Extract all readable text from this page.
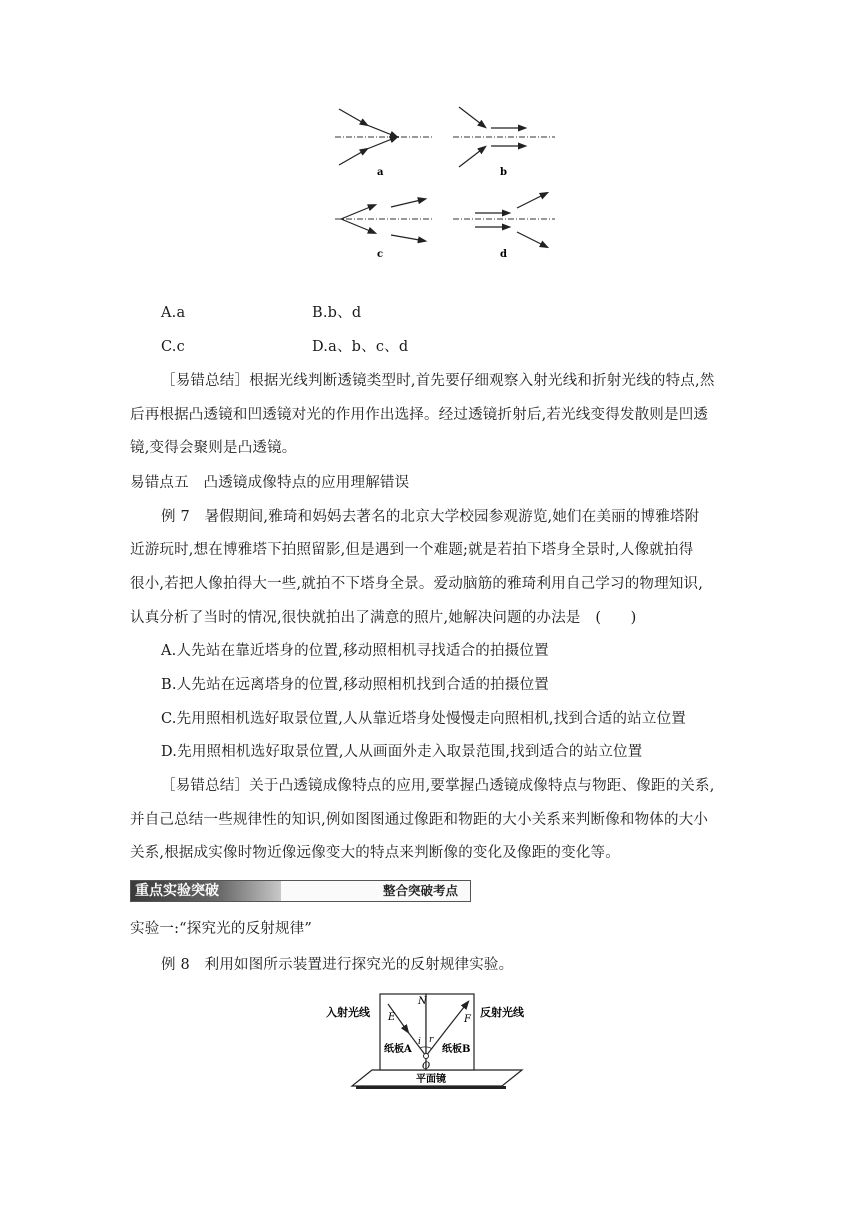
a	b
c	d
A.a	B.b、d
C.c	D.a、b、c、d
［易错总结］根据光线判断透镜类型时,首先要仔细观察入射光线和折射光线的特点,然
后再根据凸透镜和凹透镜对光的作用作出选择。经过透镜折射后,若光线变得发散则是凹透
镜,变得会聚则是凸透镜。
易错点五　凸透镜成像特点的应用理解错误
例 7　暑假期间,雅琦和妈妈去著名的北京大学校园参观游览,她们在美丽的博雅塔附
近游玩时,想在博雅塔下拍照留影,但是遇到一个难题;就是若拍下塔身全景时,人像就拍得
很小,若把人像拍得大一些,就拍不下塔身全景。爱动脑筋的雅琦利用自己学习的物理知识,
认真分析了当时的情况,很快就拍出了满意的照片,她解决问题的办法是　(　　)
A.人先站在靠近塔身的位置,移动照相机寻找适合的拍摄位置
B.人先站在远离塔身的位置,移动照相机找到合适的拍摄位置
C.先用照相机选好取景位置,人从靠近塔身处慢慢走向照相机,找到合适的站立位置
D.先用照相机选好取景位置,人从画面外走入取景范围,找到适合的站立位置
［易错总结］关于凸透镜成像特点的应用,要掌握凸透镜成像特点与物距、像距的关系,
并自己总结一些规律性的知识,例如图图通过像距和物距的大小关系来判断像和物体的大小
关系,根据成实像时物近像远像变大的特点来判断像的变化及像距的变化等。
重点实验突破	整合突破考点
实验一:“探究光的反射规律”
例 8　利用如图所示装置进行探究光的反射规律实验。
入射光线	反射光线
E	F
N
i r
O
纸板A	纸板B
平面镜
